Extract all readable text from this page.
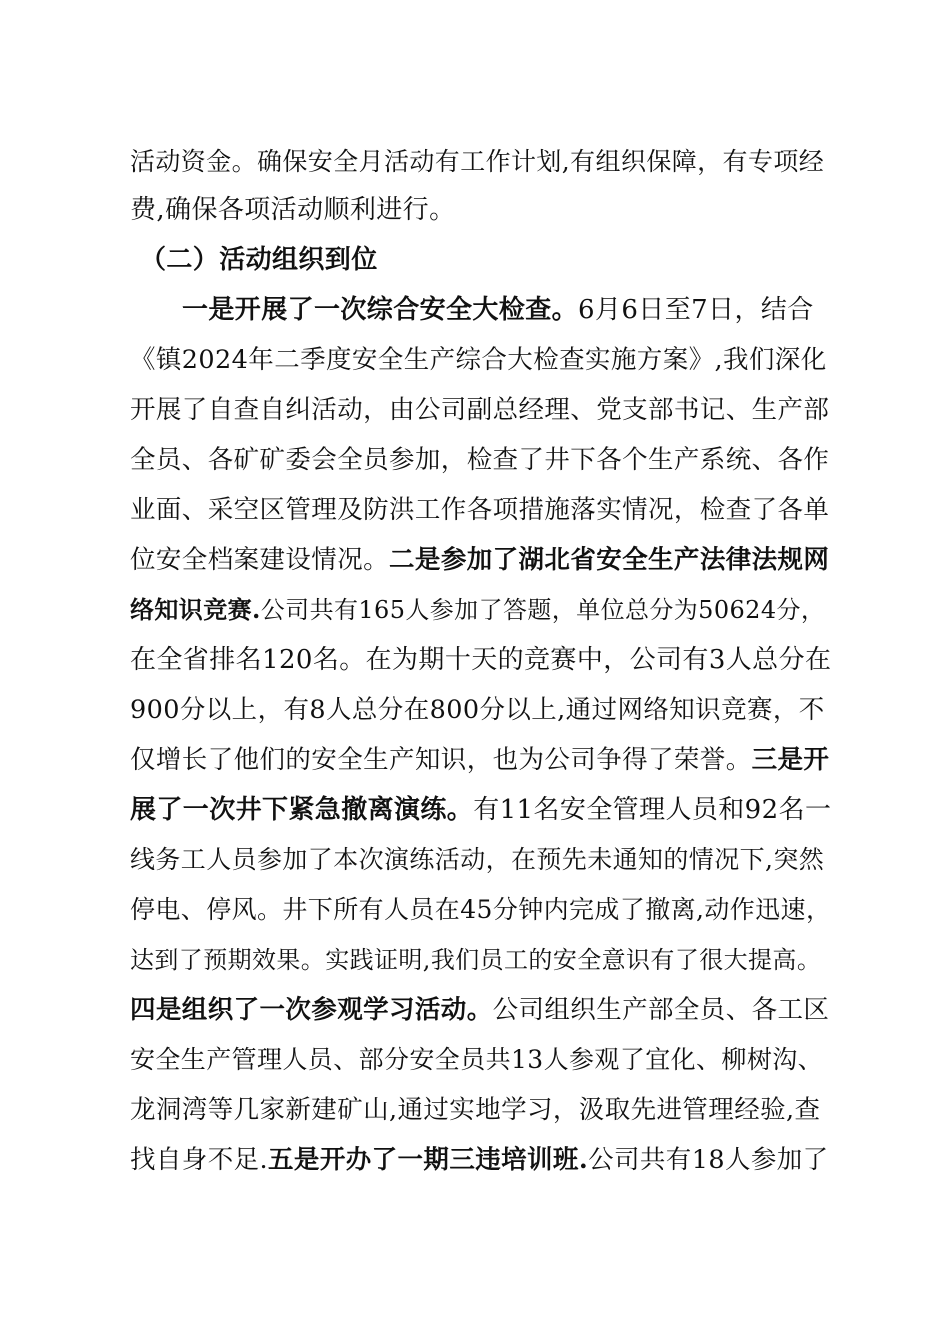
活动资金。确保安全月活动有工作计划,有组织保障，有专项经
费,确保各项活动顺利进行。
（二）活动组织到位
一是开展了一次综合安全大检查。6月6日至7日，结合
《镇2024年二季度安全生产综合大检查实施方案》,我们深化
开展了自查自纠活动，由公司副总经理、党支部书记、生产部
全员、各矿矿委会全员参加，检查了井下各个生产系统、各作
业面、采空区管理及防洪工作各项措施落实情况，检查了各单
位安全档案建设情况。二是参加了湖北省安全生产法律法规网
络知识竞赛.公司共有165人参加了答题，单位总分为50624分，
在全省排名120名。在为期十天的竞赛中，公司有3人总分在
900分以上，有8人总分在800分以上,通过网络知识竞赛，不
仅增长了他们的安全生产知识，也为公司争得了荣誉。三是开
展了一次井下紧急撤离演练。有11名安全管理人员和92名一
线务工人员参加了本次演练活动，在预先未通知的情况下,突然
停电、停风。井下所有人员在45分钟内完成了撤离,动作迅速，
达到了预期效果。实践证明,我们员工的安全意识有了很大提高。
四是组织了一次参观学习活动。公司组织生产部全员、各工区
安全生产管理人员、部分安全员共13人参观了宜化、柳树沟、
龙洞湾等几家新建矿山,通过实地学习，汲取先进管理经验,查
找自身不足.五是开办了一期三违培训班.公司共有18人参加了
